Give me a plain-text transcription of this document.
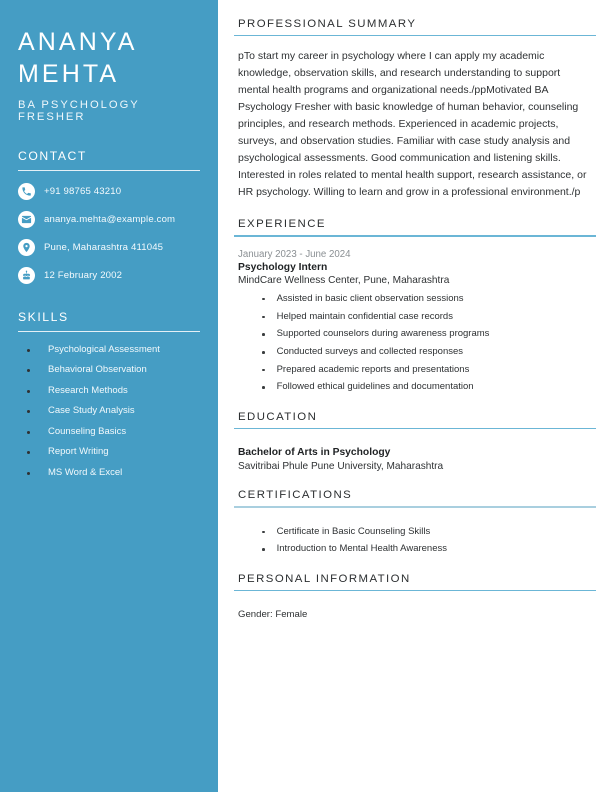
ANANYA
MEHTA
BA PSYCHOLOGY FRESHER
CONTACT
+91 98765 43210
ananya.mehta@example.com
Pune, Maharashtra 411045
12 February 2002
SKILLS
Psychological Assessment
Behavioral Observation
Research Methods
Case Study Analysis
Counseling Basics
Report Writing
MS Word & Excel
PROFESSIONAL SUMMARY

pTo start my career in psychology where I can apply my academic knowledge, observation skills, and research understanding to support mental health programs and organizational needs./ppMotivated BA Psychology Fresher with basic knowledge of human behavior, counseling principles, and research methods. Experienced in academic projects, surveys, and observation studies. Familiar with case study analysis and psychological assessments. Good communication and listening skills. Interested in roles related to mental health support, research assistance, or HR psychology. Willing to learn and grow in a professional environment./p

EXPERIENCE
January 2023 - June 2024
Psychology Intern
MindCare Wellness Center, Pune, Maharashtra
Assisted in basic client observation sessions
Helped maintain confidential case records
Supported counselors during awareness programs
Conducted surveys and collected responses
Prepared academic reports and presentations
Followed ethical guidelines and documentation
EDUCATION
Bachelor of Arts in Psychology
Savitribai Phule Pune University, Maharashtra
CERTIFICATIONS
Certificate in Basic Counseling Skills
Introduction to Mental Health Awareness
PERSONAL INFORMATION
Gender: Female
